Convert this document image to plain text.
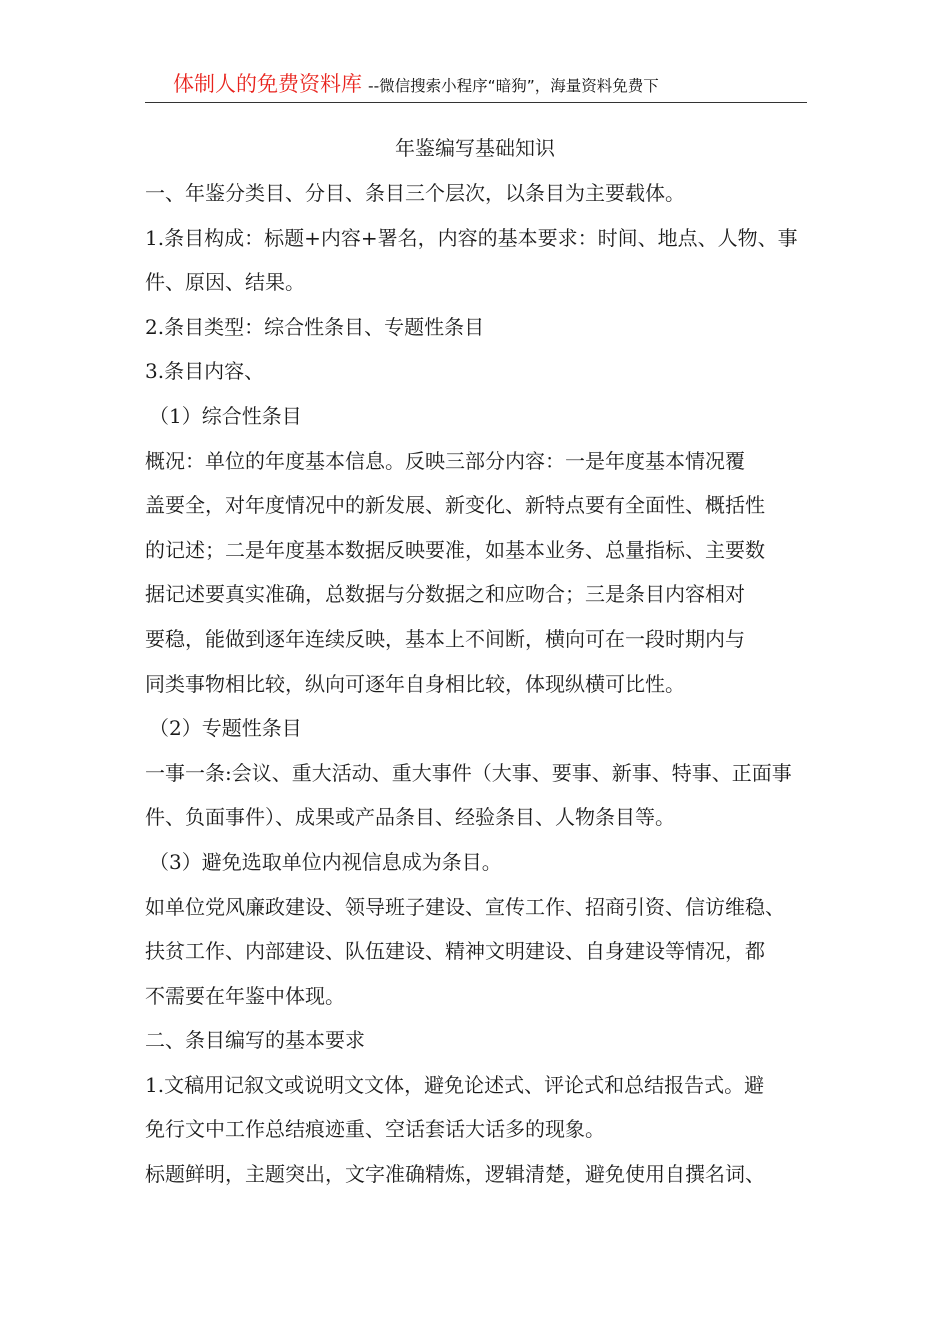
体制人的免费资料库 --微信搜索小程序“暗狗”，海量资料免费下
年鉴编写基础知识
一、年鉴分类目、分目、条目三个层次，以条目为主要载体。
1.条目构成：标题+内容+署名，内容的基本要求：时间、地点、人物、事
件、原因、结果。
2.条目类型：综合性条目、专题性条目
3.条目内容、
（1）综合性条目
概况：单位的年度基本信息。反映三部分内容：一是年度基本情况覆
盖要全，对年度情况中的新发展、新变化、新特点要有全面性、概括性
的记述；二是年度基本数据反映要准，如基本业务、总量指标、主要数
据记述要真实准确，总数据与分数据之和应吻合；三是条目内容相对
要稳，能做到逐年连续反映，基本上不间断，横向可在一段时期内与
同类事物相比较，纵向可逐年自身相比较，体现纵横可比性。
（2）专题性条目
一事一条:会议、重大活动、重大事件（大事、要事、新事、特事、正面事
件、负面事件）、成果或产品条目、经验条目、人物条目等。
（3）避免选取单位内视信息成为条目。
如单位党风廉政建设、领导班子建设、宣传工作、招商引资、信访维稳、
扶贫工作、内部建设、队伍建设、精神文明建设、自身建设等情况，都
不需要在年鉴中体现。
二、条目编写的基本要求
1.文稿用记叙文或说明文文体，避免论述式、评论式和总结报告式。避
免行文中工作总结痕迹重、空话套话大话多的现象。
标题鲜明，主题突出，文字准确精炼，逻辑清楚，避免使用自撰名词、
